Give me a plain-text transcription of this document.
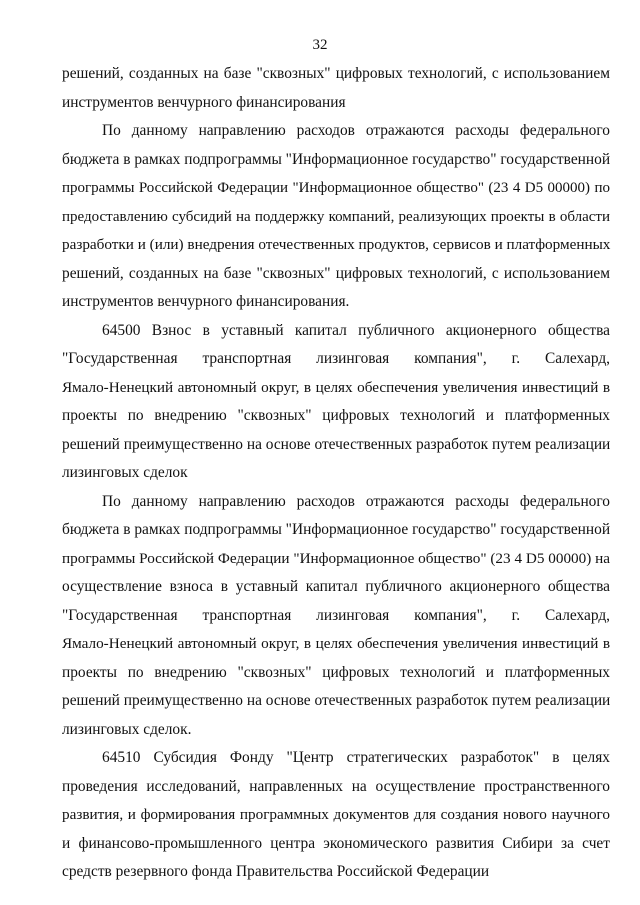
32

решений, созданных на базе "сквозных" цифровых технологий, с использованием
инструментов венчурного финансирования

По данному направлению расходов отражаются расходы федерального
бюджета в рамках подпрограммы "Информационное государство" государственной
программы Российской Федерации "Информационное общество" (23 4 D5 00000) по
предоставлению субсидий на поддержку компаний, реализующих проекты в области
разработки и (или) внедрения отечественных продуктов, сервисов и платформенных
решений, созданных на базе "сквозных" цифровых технологий, с использованием
инструментов венчурного финансирования.

64500 Взнос в уставный капитал публичного акционерного общества
"Государственная транспортная лизинговая компания", г. Салехард,
Ямало-Ненецкий автономный округ, в целях обеспечения увеличения инвестиций в
проекты по внедрению "сквозных" цифровых технологий и платформенных
решений преимущественно на основе отечественных разработок путем реализации
лизинговых сделок

По данному направлению расходов отражаются расходы федерального
бюджета в рамках подпрограммы "Информационное государство" государственной
программы Российской Федерации "Информационное общество" (23 4 D5 00000) на
осуществление взноса в уставный капитал публичного акционерного общества
"Государственная транспортная лизинговая компания", г. Салехард,
Ямало-Ненецкий автономный округ, в целях обеспечения увеличения инвестиций в
проекты по внедрению "сквозных" цифровых технологий и платформенных
решений преимущественно на основе отечественных разработок путем реализации
лизинговых сделок.

64510 Субсидия Фонду "Центр стратегических разработок" в целях
проведения исследований, направленных на осуществление пространственного
развития, и формирования программных документов для создания нового научного
и финансово-промышленного центра экономического развития Сибири за счет
средств резервного фонда Правительства Российской Федерации
